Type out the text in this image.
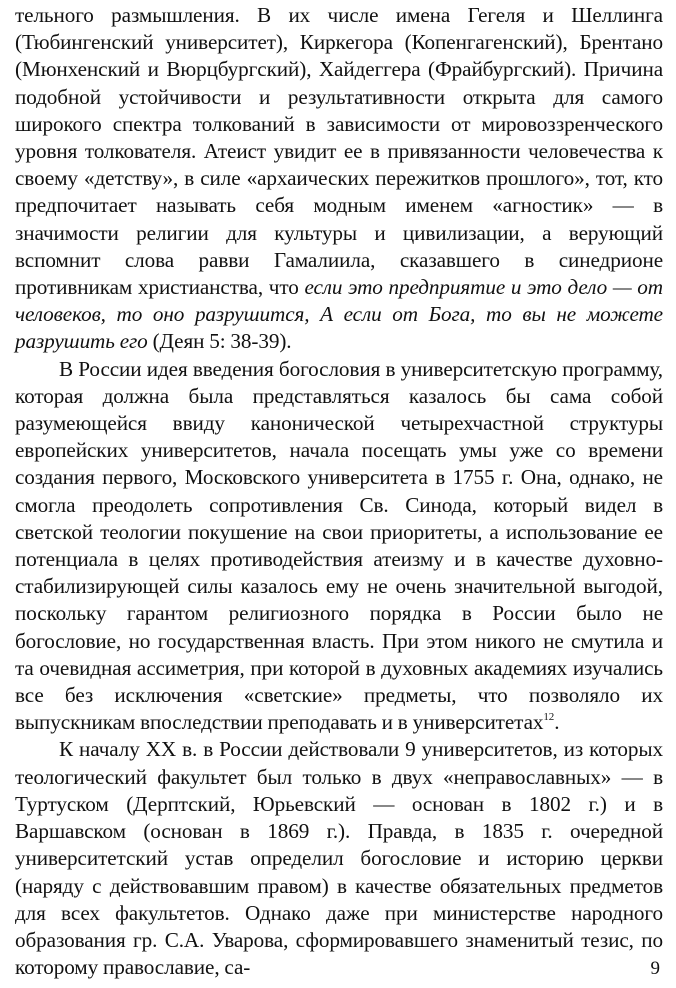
тельного размышления. В их числе имена Гегеля и Шеллинга (Тюбингенский университет), Киркегора (Копенгагенский), Брентано (Мюнхенский и Вюрцбургский), Хайдеггера (Фрайбургский). Причина подобной устойчивости и результативности открыта для самого широкого спектра толкований в зависимости от мировоззренческого уровня толкователя. Атеист увидит ее в привязанности человечества к своему «детству», в силе «архаических пережитков прошлого», тот, кто предпочитает называть себя модным именем «агностик» — в значимости религии для культуры и цивилизации, а верующий вспомнит слова равви Гамалиила, сказавшего в синедрионе противникам христианства, что если это предприятие и это дело — от человеков, то оно разрушится, А если от Бога, то вы не можете разрушить его (Деян 5: 38-39).

В России идея введения богословия в университетскую программу, которая должна была представляться казалось бы сама собой разумеющейся ввиду канонической четырехчастной структуры европейских университетов, начала посещать умы уже со времени создания первого, Московского университета в 1755 г. Она, однако, не смогла преодолеть сопротивления Св. Синода, который видел в светской теологии покушение на свои приоритеты, а использование ее потенциала в целях противодействия атеизму и в качестве духовно-стабилизирующей силы казалось ему не очень значительной выгодой, поскольку гарантом религиозного порядка в России было не богословие, но государственная власть. При этом никого не смутила и та очевидная ассиметрия, при которой в духовных академиях изучались все без исключения «светские» предметы, что позволяло их выпускникам впоследствии преподавать и в университетах$^{12}$.

К началу XX в. в России действовали 9 университетов, из которых теологический факультет был только в двух «неправославных» — в Туртуском (Дерптский, Юрьевский — основан в 1802 г.) и в Варшавском (основан в 1869 г.). Правда, в 1835 г. очередной университетский устав определил богословие и историю церкви (наряду с действовавшим правом) в качестве обязательных предметов для всех факультетов. Однако даже при министерстве народного образования гр. С.А. Уварова, сформировавшего знаменитый тезис, по которому православие, са-	9
